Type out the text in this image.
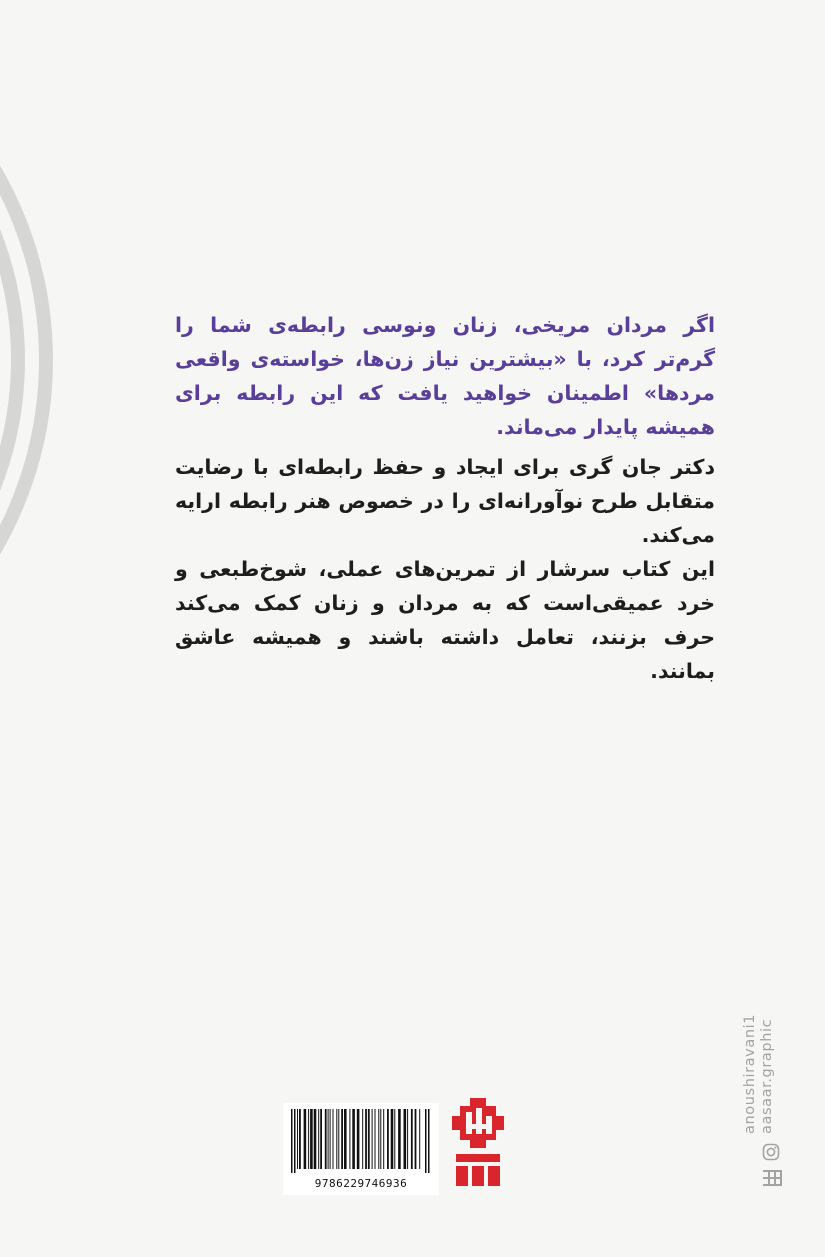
اگر مردان مریخی، زنان ونوسی رابطه‌ی شما را گرم‌تر کرد، با «بیشترین نیاز زن‌ها، خواسته‌ی واقعی مردها» اطمینان خواهید یافت که این رابطه برای همیشه پایدار می‌ماند.

دکتر جان گری برای ایجاد و حفظ رابطه‌ای با رضایت متقابل طرح نوآورانه‌ای را در خصوص هنر رابطه ارایه می‌کند.

این کتاب سرشار از تمرین‌های عملی، شوخ‌طبعی و خرد عمیقی‌است که به مردان و زنان کمک می‌کند حرف بزنند، تعامل داشته باشند و همیشه عاشق بمانند.

9786229746936
anoushiravani1 aasaar.graphic
